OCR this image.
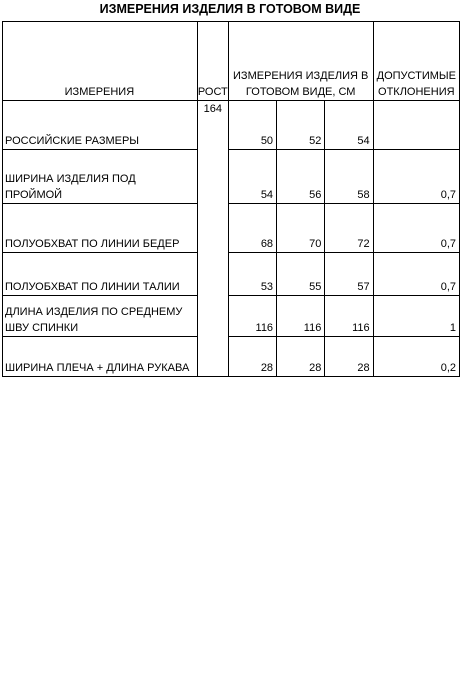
ИЗМЕРЕНИЯ ИЗДЕЛИЯ В ГОТОВОМ ВИДЕ
ИЗМЕРЕНИЯ	РОСТ	ИЗМЕРЕНИЯ ИЗДЕЛИЯ В ГОТОВОМ ВИДЕ, СМ			ДОПУСТИМЫЕ ОТКЛОНЕНИЯ
РОССИЙСКИЕ РАЗМЕРЫ	164	50	52	54	
ШИРИНА ИЗДЕЛИЯ ПОД ПРОЙМОЙ		54	56	58	0,7
ПОЛУОБХВАТ ПО ЛИНИИ БЕДЕР		68	70	72	0,7
ПОЛУОБХВАТ ПО ЛИНИИ ТАЛИИ		53	55	57	0,7
ДЛИНА ИЗДЕЛИЯ ПО СРЕДНЕМУ ШВУ СПИНКИ		116	116	116	1
ШИРИНА ПЛЕЧА + ДЛИНА РУКАВА		28	28	28	0,2
